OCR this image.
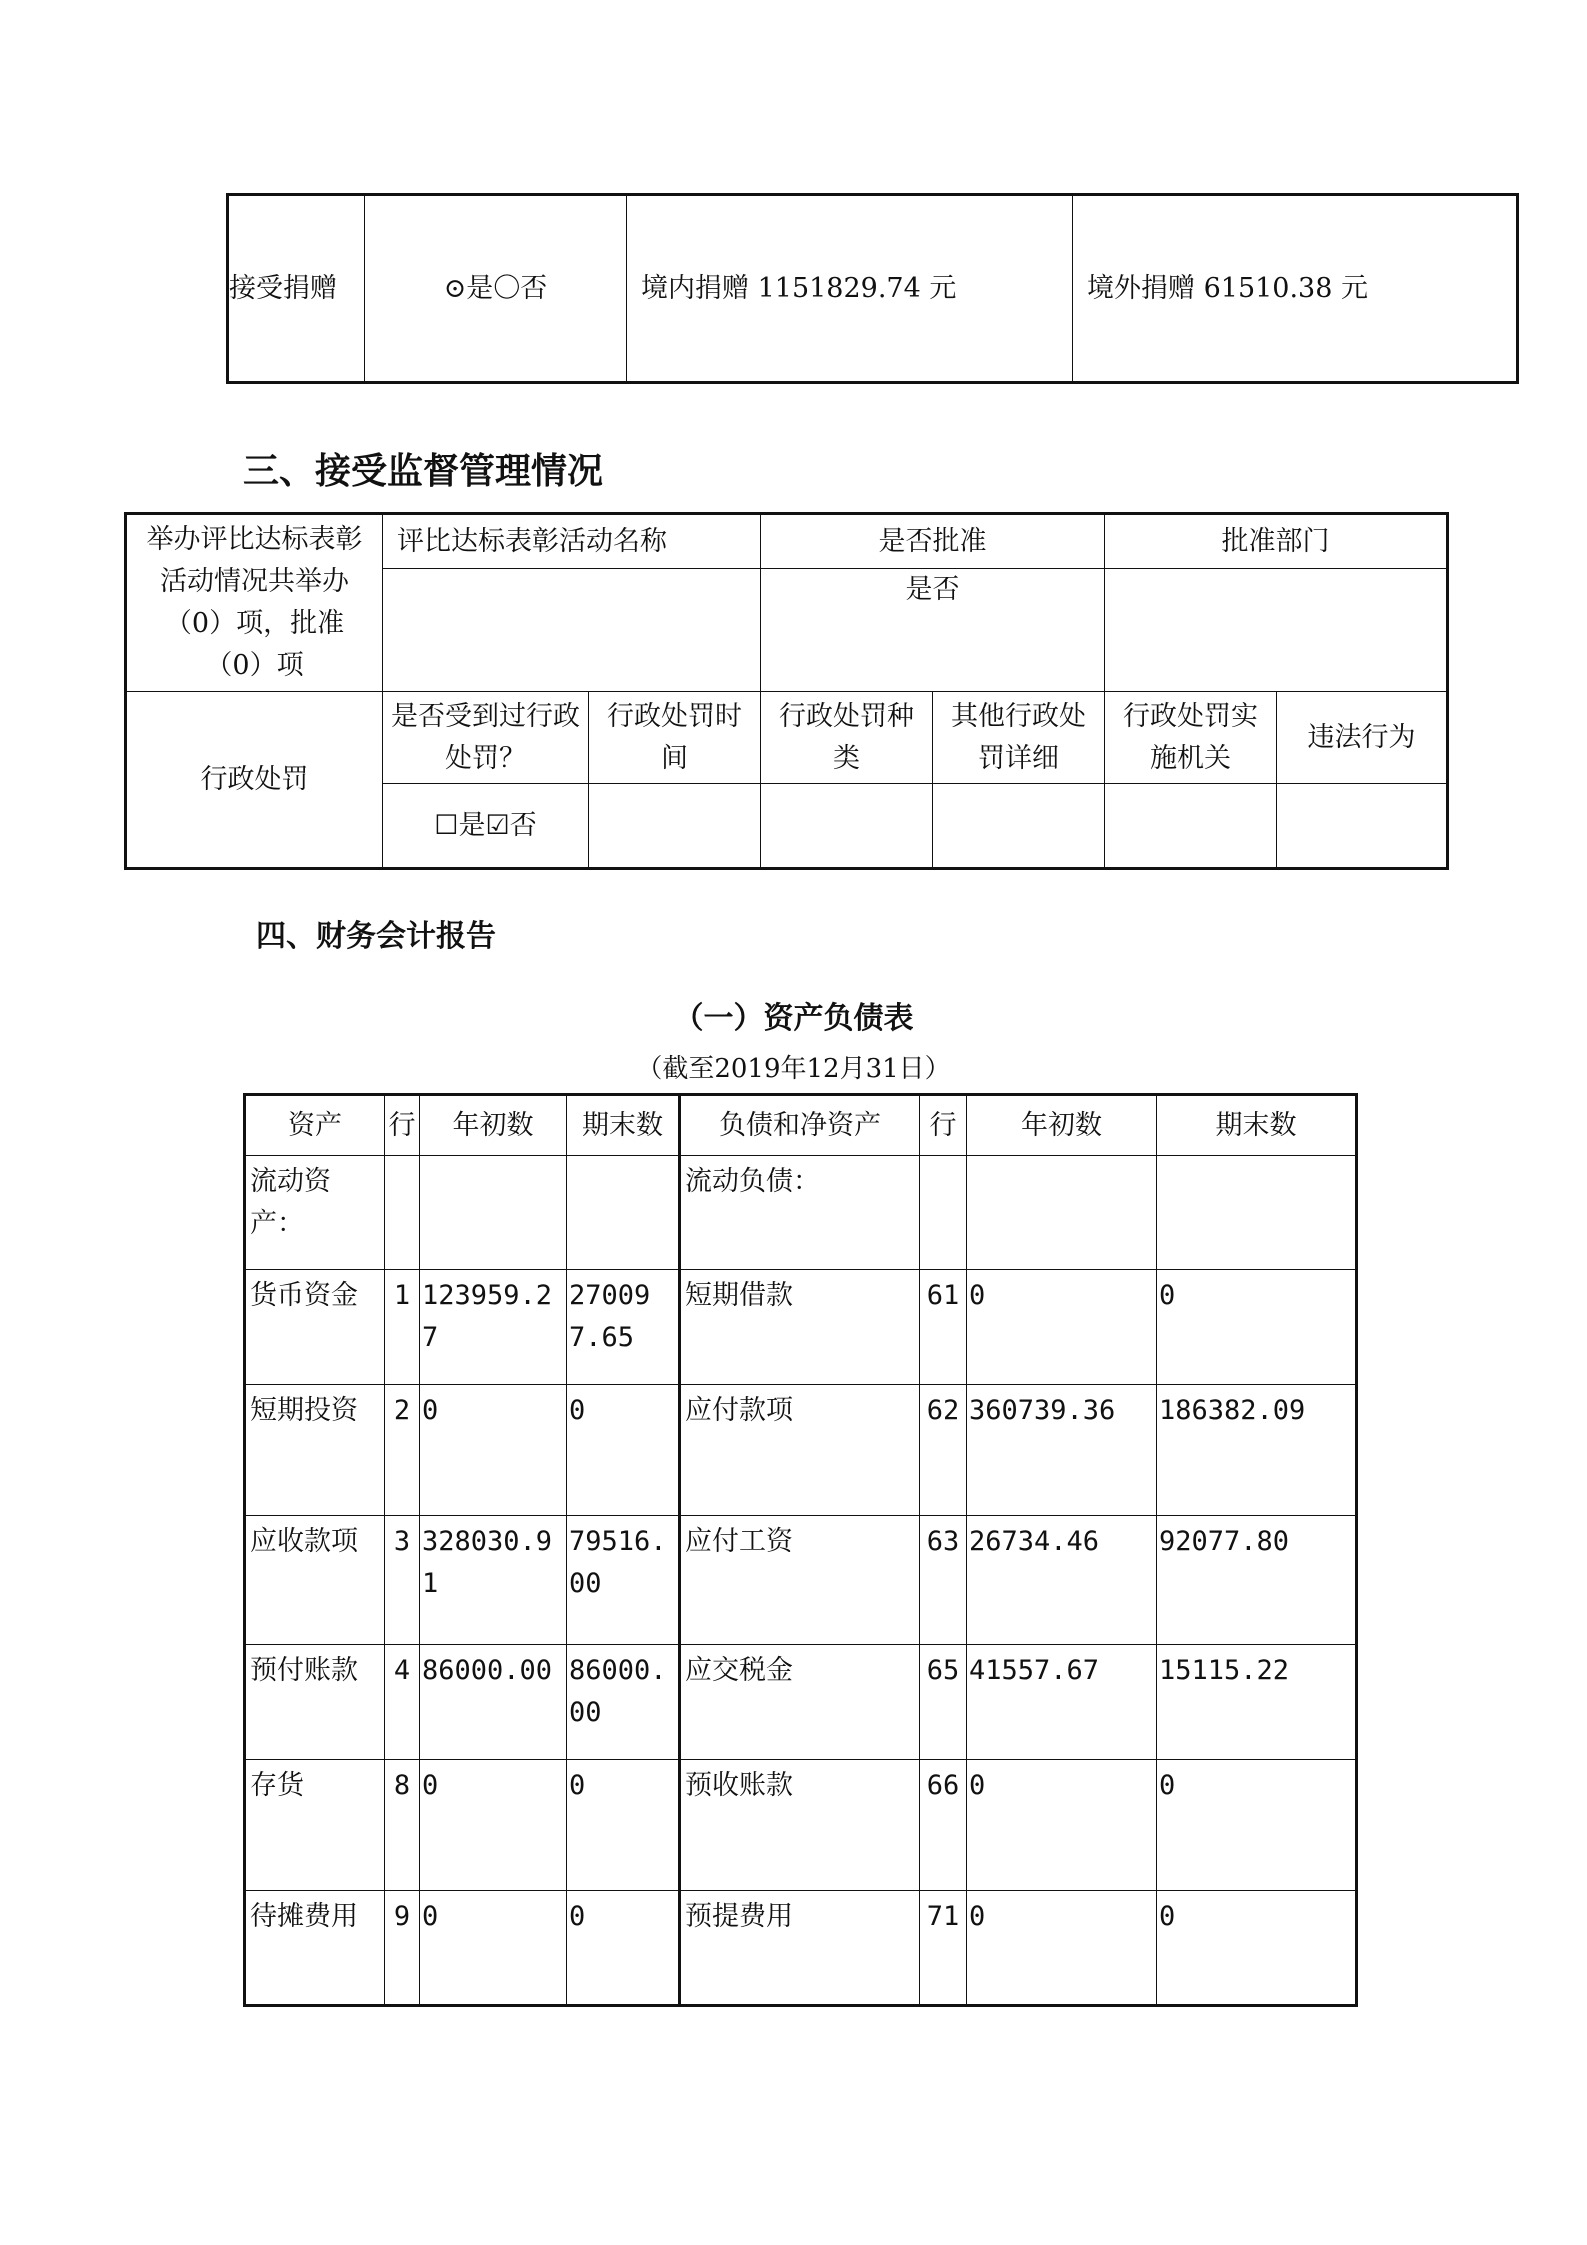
接受捐赠	⊙是〇否	境内捐赠 1151829.74 元	境外捐赠 61510.38 元
三、接受监督管理情况
举办评比达标表彰活动情况共举办（0）项，批准（0）项	评比达标表彰活动名称		是否批准		批准部门	
			是否			
行政处罚	是否受到过行政处罚？	行政处罚时间	行政处罚种类	其他行政处罚详细	行政处罚实施机关	违法行为
	☐是☑否					
四、财务会计报告
（一）资产负债表
（截至2019年12月31日）
资产	行	年初数	期末数	负债和净资产	行	年初数	期末数
流动资产：				流动负债：			
货币资金	1	123959.27	270097.65	短期借款	61	0	0
短期投资	2	0	0	应付款项	62	360739.36	186382.09
应收款项	3	328030.91	79516.00	应付工资	63	26734.46	92077.80
预付账款	4	86000.00	86000.00	应交税金	65	41557.67	15115.22
存货	8	0	0	预收账款	66	0	0
待摊费用	9	0	0	预提费用	71	0	0
